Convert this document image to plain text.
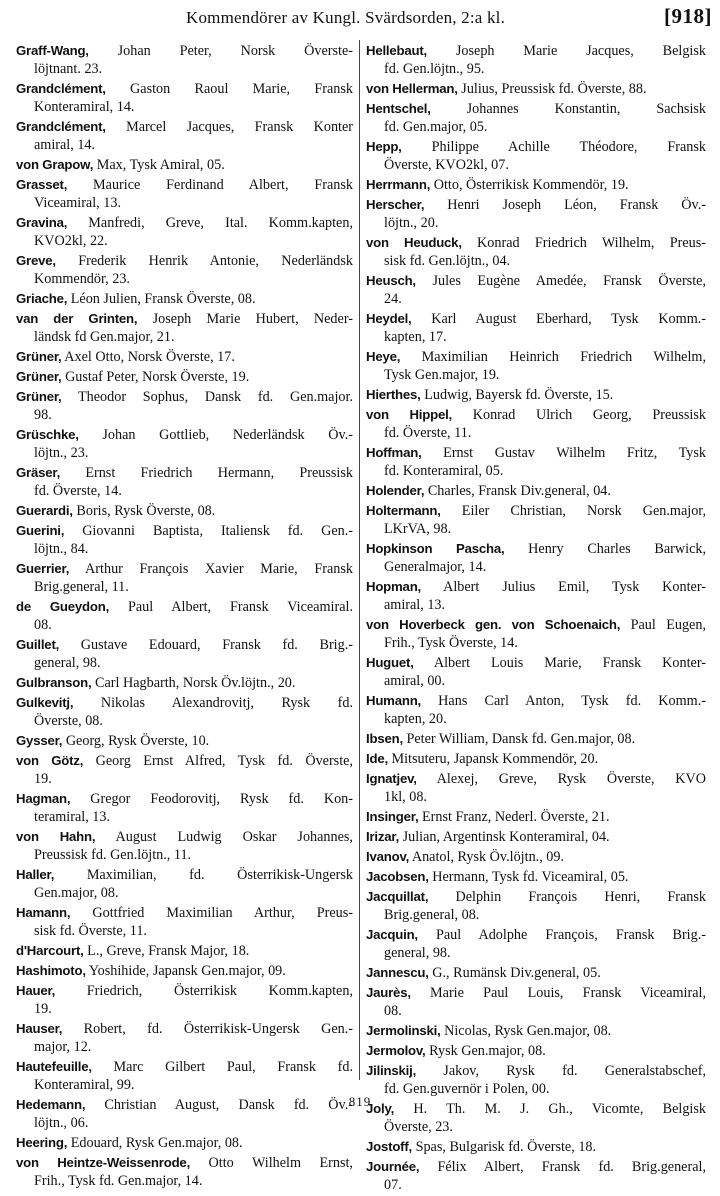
Kommendörer av Kungl. Svärdsorden, 2:a kl.	[918]
Graff-Wang, Johan Peter, Norsk Överste-
löjtnant. 23.
Grandclément, Gaston Raoul Marie, Fransk
Konteramiral, 14.
Grandclément, Marcel Jacques, Fransk Konter
amiral, 14.
von Grapow, Max, Tysk Amiral, 05.
Grasset, Maurice Ferdinand Albert, Fransk
Viceamiral, 13.
Gravina, Manfredi, Greve, Ital. Komm.kapten,
KVO2kl, 22.
Greve, Frederik Henrik Antonie, Nederländsk
Kommendör, 23.
Griache, Léon Julien, Fransk Överste, 08.
van der Grinten, Joseph Marie Hubert, Neder-
ländsk fd Gen.major, 21.
Grüner, Axel Otto, Norsk Överste, 17.
Grüner, Gustaf Peter, Norsk Överste, 19.
Grüner, Theodor Sophus, Dansk fd. Gen.major.
98.
Grüschke, Johan Gottlieb, Nederländsk Öv.-
löjtn., 23.
Gräser, Ernst Friedrich Hermann, Preussisk
fd. Överste, 14.
Guerardi, Boris, Rysk Överste, 08.
Guerini, Giovanni Baptista, Italiensk fd. Gen.-
löjtn., 84.
Guerrier, Arthur François Xavier Marie, Fransk
Brig.general, 11.
de Gueydon, Paul Albert, Fransk Viceamiral.
08.
Guillet, Gustave Edouard, Fransk fd. Brig.-
general, 98.
Gulbranson, Carl Hagbarth, Norsk Öv.löjtn., 20.
Gulkevitj, Nikolas Alexandrovitj, Rysk fd.
Överste, 08.
Gysser, Georg, Rysk Överste, 10.
von Götz, Georg Ernst Alfred, Tysk fd. Överste,
19.
Hagman, Gregor Feodorovitj, Rysk fd. Kon-
teramiral, 13.
von Hahn, August Ludwig Oskar Johannes,
Preussisk fd. Gen.löjtn., 11.
Haller, Maximilian, fd. Österrikisk-Ungersk
Gen.major, 08.
Hamann, Gottfried Maximilian Arthur, Preus-
sisk fd. Överste, 11.
d'Harcourt, L., Greve, Fransk Major, 18.
Hashimoto, Yoshihide, Japansk Gen.major, 09.
Hauer, Friedrich, Österrikisk Komm.kapten,
19.
Hauser, Robert, fd. Österrikisk-Ungersk Gen.-
major, 12.
Hautefeuille, Marc Gilbert Paul, Fransk fd.
Konteramiral, 99.
Hedemann, Christian August, Dansk fd. Öv.-
löjtn., 06.
Heering, Edouard, Rysk Gen.major, 08.
von Heintze-Weissenrode, Otto Wilhelm Ernst,
Frih., Tysk fd. Gen.major, 14.
Hellebaut, Joseph Marie Jacques, Belgisk
fd. Gen.löjtn., 95.
von Hellerman, Julius, Preussisk fd. Överste, 88.
Hentschel, Johannes Konstantin, Sachsisk
fd. Gen.major, 05.
Hepp, Philippe Achille Théodore, Fransk
Överste, KVO2kl, 07.
Herrmann, Otto, Österrikisk Kommendör, 19.
Herscher, Henri Joseph Léon, Fransk Öv.-
löjtn., 20.
von Heuduck, Konrad Friedrich Wilhelm, Preus-
sisk fd. Gen.löjtn., 04.
Heusch, Jules Eugène Amedée, Fransk Överste,
24.
Heydel, Karl August Eberhard, Tysk Komm.-
kapten, 17.
Heye, Maximilian Heinrich Friedrich Wilhelm,
Tysk Gen.major, 19.
Hierthes, Ludwig, Bayersk fd. Överste, 15.
von Hippel, Konrad Ulrich Georg, Preussisk
fd. Överste, 11.
Hoffman, Ernst Gustav Wilhelm Fritz, Tysk
fd. Konteramiral, 05.
Holender, Charles, Fransk Div.general, 04.
Holtermann, Eiler Christian, Norsk Gen.major,
LKrVA, 98.
Hopkinson Pascha, Henry Charles Barwick,
Generalmajor, 14.
Hopman, Albert Julius Emil, Tysk Konter-
amiral, 13.
von Hoverbeck gen. von Schoenaich, Paul Eugen,
Frih., Tysk Överste, 14.
Huguet, Albert Louis Marie, Fransk Konter-
amiral, 00.
Humann, Hans Carl Anton, Tysk fd. Komm.-
kapten, 20.
Ibsen, Peter William, Dansk fd. Gen.major, 08.
Ide, Mitsuteru, Japansk Kommendör, 20.
Ignatjev, Alexej, Greve, Rysk Överste, KVO
1kl, 08.
Insinger, Ernst Franz, Nederl. Överste, 21.
Irizar, Julian, Argentinsk Konteramiral, 04.
Ivanov, Anatol, Rysk Öv.löjtn., 09.
Jacobsen, Hermann, Tysk fd. Viceamiral, 05.
Jacquillat, Delphin François Henri, Fransk
Brig.general, 08.
Jacquin, Paul Adolphe François, Fransk Brig.-
general, 98.
Jannescu, G., Rumänsk Div.general, 05.
Jaurès, Marie Paul Louis, Fransk Viceamiral,
08.
Jermolinski, Nicolas, Rysk Gen.major, 08.
Jermolov, Rysk Gen.major, 08.
Jilinskij, Jakov, Rysk fd. Generalstabschef,
fd. Gen.guvernör i Polen, 00.
Joly, H. Th. M. J. Gh., Vicomte, Belgisk
Överste, 23.
Jostoff, Spas, Bulgarisk fd. Överste, 18.
Journée, Félix Albert, Fransk fd. Brig.general,
07.
819
